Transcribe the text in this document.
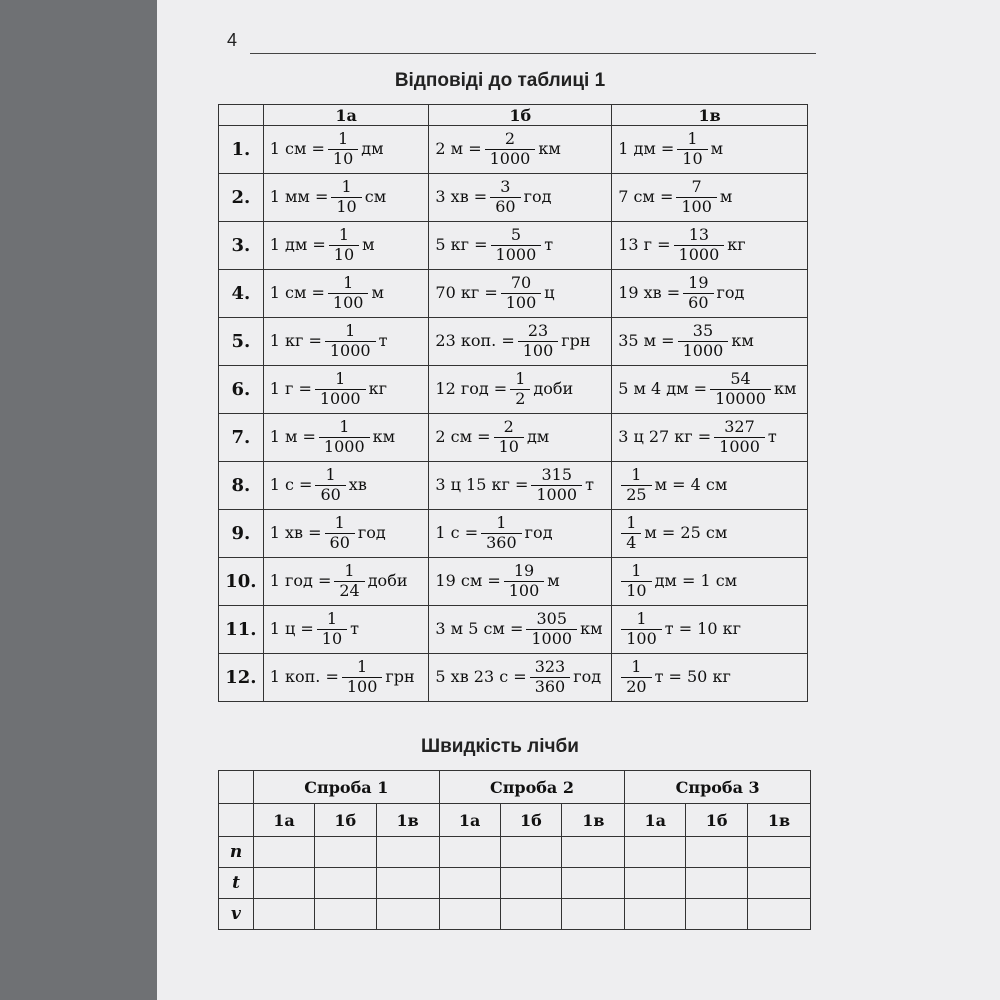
4
Відповіді до таблиці 1
	1а	1б	1в
1.	1 см = $\frac{1}{10}$ дм	2 $м = \frac{2}{1000}$ км	1 дм = $\frac{1}{10}$ м
2.	1 мм = $\frac{1}{10}$ см	3 хв = $\frac{3}{60}$ год	7 см = $\frac{7}{100}$ м
3.	1 дм = $\frac{1}{10}$ м	5 кг = $\frac{5}{1000}$ т	13 $г = \frac{13}{1000}$ кг
4.	1 см = $\frac{1}{100}$ м	70 кг = $\frac{70}{100}$ ц	19 хв = $\frac{19}{60}$ год
5.	1 кг = $\frac{1}{1000}$ т	23 коп. = $\frac{23}{100}$ грн	35 $м = \frac{35}{1000}$ км
6.	1 $г = \frac{1}{1000}$ кг	12 год = $\frac{1}{2}$ доби	5 м 4 дм = $\frac{54}{10000}$ км
7.	1 $м = \frac{1}{1000}$ км	2 см = $\frac{2}{10}$ дм	3 ц 27 кг = $\frac{327}{1000}$ т
8.	1 $с = \frac{1}{60}$ хв	3 ц 15 кг = $\frac{315}{1000}$ т	$\frac{1}{25}$ м = 4 см
9.	1 хв = $\frac{1}{60}$ год	1 $с = \frac{1}{360}$ год	$\frac{1}{4}$ м = 25 см
10.	1 год = $\frac{1}{24}$ доби	19 см = $\frac{19}{100}$ м	$\frac{1}{10}$ дм = 1 см
11.	1 $ц = \frac{1}{10}$ т	3 м 5 см = $\frac{305}{1000}$ км	$\frac{1}{100}$ т = 10 кг
12.	1 коп. = $\frac{1}{100}$ грн	5 хв 23 $с = \frac{323}{360}$ год	$\frac{1}{20}$ т = 50 кг
Швидкість лічби
	Спроба 1			Спроба 2			Спроба 3		
	1а	1б	1в	1а	1б	1в	1а	1б	1в
n									
t									
v									
